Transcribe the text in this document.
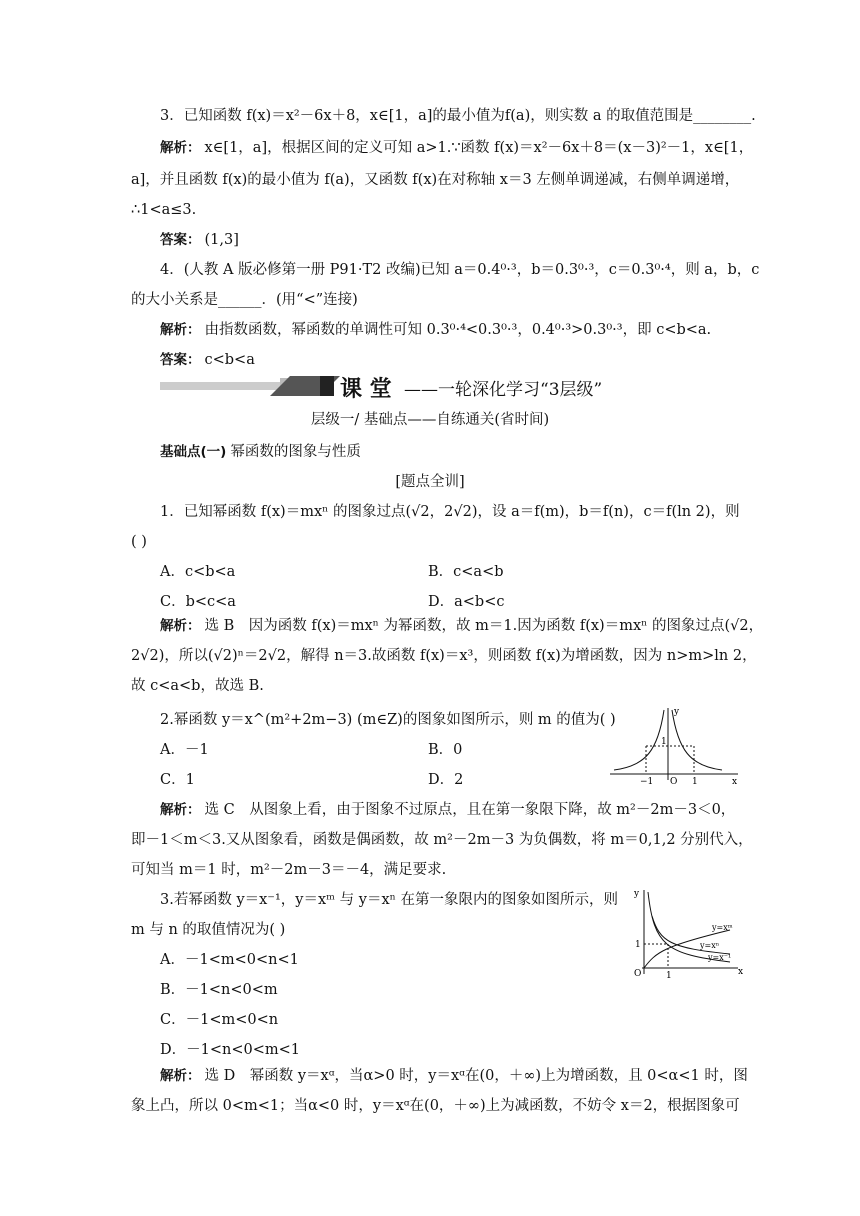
3．已知函数 f(x)＝x²－6x＋8，x∈[1，a]的最小值为f(a)，则实数 a 的取值范围是________.
解析： x∈[1，a]，根据区间的定义可知 a>1.∵函数 f(x)＝x²－6x＋8＝(x－3)²－1，x∈[1，
a]，并且函数 f(x)的最小值为 f(a)，又函数 f(x)在对称轴 x＝3 左侧单调递减，右侧单调递增，
∴1<a≤3.
答案： (1,3]
4．(人教 A 版必修第一册 P91·T2 改编)已知 a＝0.4⁰·³，b＝0.3⁰·³，c＝0.3⁰·⁴，则 a，b，c
的大小关系是______．(用“<”连接)
解析： 由指数函数，幂函数的单调性可知 0.3⁰·⁴<0.3⁰·³，0.4⁰·³>0.3⁰·³，即 c<b<a.
答案： c<b<a
基础点(一) 幂函数的图象与性质
1．已知幂函数 f(x)＝mxⁿ 的图象过点(√2，2√2)，设 a＝f(m)，b＝f(n)，c＝f(ln 2)，则
( )
解析： 选 B　因为函数 f(x)＝mxⁿ 为幂函数，故 m＝1.因为函数 f(x)＝mxⁿ 的图象过点(√2，
2√2)，所以(√2)ⁿ＝2√2，解得 n＝3.故函数 f(x)＝x³，则函数 f(x)为增函数，因为 n>m>ln 2，
故 c<a<b，故选 B.
2.幂函数 y＝x^(m²+2m−3) (m∈Z)的图象如图所示，则 m 的值为( )
解析： 选 C　从图象上看，由于图象不过原点，且在第一象限下降，故 m²－2m－3＜0，
即－1＜m＜3.又从图象看，函数是偶函数，故 m²－2m－3 为负偶数，将 m＝0,1,2 分别代入，
可知当 m＝1 时，m²－2m－3＝－4，满足要求.
3.若幂函数 y＝x⁻¹，y＝xᵐ 与 y＝xⁿ 在第一象限内的图象如图所示，则
m 与 n 的取值情况为( )
解析： 选 D　幂函数 y＝xᵅ，当α>0 时，y＝xᵅ在(0，＋∞)上为增函数，且 0<α<1 时，图
象上凸，所以 0<m<1；当α<0 时，y＝xᵅ在(0，＋∞)上为减函数，不妨令 x＝2，根据图象可
A．c<b<a	B．c<a<b
C．b<c<a	D．a<b<c
A．－1	B．0
C．1	D．2
A．－1<m<0<n<1
B．－1<n<0<m
C．－1<m<0<n
D．－1<n<0<m<1
课 堂 ——一轮深化学习“3层级”
层级一/ 基础点——自练通关(省时间)
[题点全训]
y
x
O
−1	1
1
y
x
O	1
1
y=xᵐ
y=xⁿ
y=x⁻¹
